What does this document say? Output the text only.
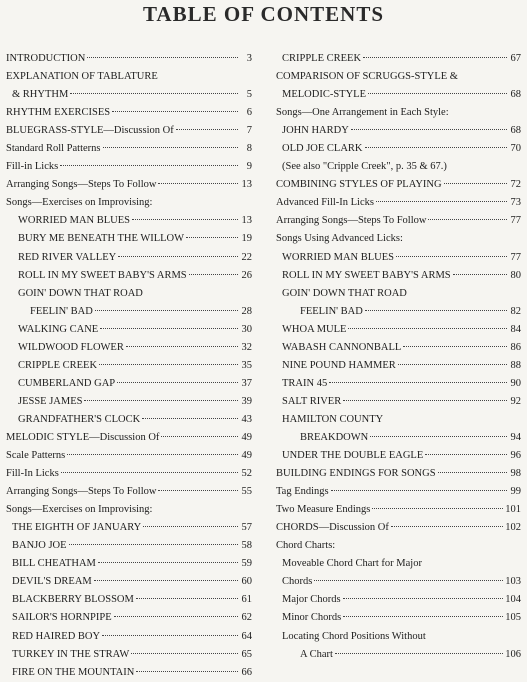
TABLE OF CONTENTS
INTRODUCTION	3
EXPLANATION OF TABLATURE
& RHYTHM	5
RHYTHM EXERCISES	6
BLUEGRASS-STYLE—Discussion Of	7
Standard Roll Patterns	8
Fill-in Licks	9
Arranging Songs—Steps To Follow	13
Songs—Exercises on Improvising:
WORRIED MAN BLUES	13
BURY ME BENEATH THE WILLOW	19
RED RIVER VALLEY	22
ROLL IN MY SWEET BABY'S ARMS	26
GOIN' DOWN THAT ROAD
FEELIN' BAD	28
WALKING CANE	30
WILDWOOD FLOWER	32
CRIPPLE CREEK	35
CUMBERLAND GAP	37
JESSE JAMES	39
GRANDFATHER'S CLOCK	43
MELODIC STYLE—Discussion Of	49
Scale Patterns	49
Fill-In Licks	52
Arranging Songs—Steps To Follow	55
Songs—Exercises on Improvising:
THE EIGHTH OF JANUARY	57
BANJO JOE	58
BILL CHEATHAM	59
DEVIL'S DREAM	60
BLACKBERRY BLOSSOM	61
SAILOR'S HORNPIPE	62
RED HAIRED BOY	64
TURKEY IN THE STRAW	65
FIRE ON THE MOUNTAIN	66
CRIPPLE CREEK	67
COMPARISON OF SCRUGGS-STYLE &
MELODIC-STYLE	68
Songs—One Arrangement in Each Style:
JOHN HARDY	68
OLD JOE CLARK	70
(See also "Cripple Creek", p. 35 & 67.)
COMBINING STYLES OF PLAYING	72
Advanced Fill-In Licks	73
Arranging Songs—Steps To Follow	77
Songs Using Advanced Licks:
WORRIED MAN BLUES	77
ROLL IN MY SWEET BABY'S ARMS	80
GOIN' DOWN THAT ROAD
FEELIN' BAD	82
WHOA MULE	84
WABASH CANNONBALL	86
NINE POUND HAMMER	88
TRAIN 45	90
SALT RIVER	92
HAMILTON COUNTY
BREAKDOWN	94
UNDER THE DOUBLE EAGLE	96
BUILDING ENDINGS FOR SONGS	98
Tag Endings	99
Two Measure Endings	101
CHORDS—Discussion Of	102
Chord Charts:
Moveable Chord Chart for Major
Chords	103
Major Chords	104
Minor Chords	105
Locating Chord Positions Without
A Chart	106
